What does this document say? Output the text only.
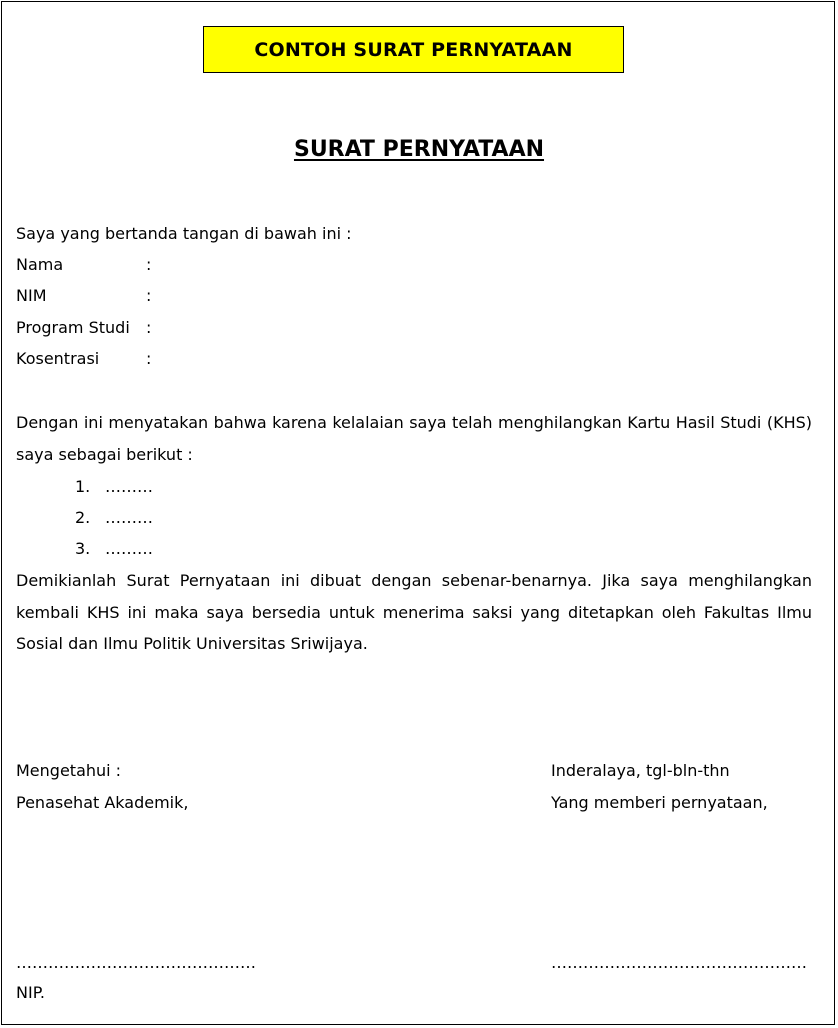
CONTOH SURAT PERNYATAAN
SURAT PERNYATAAN
Saya yang bertanda tangan di bawah ini :
Nama	:
NIM	:
Program Studi :
Kosentrasi	:
Dengan ini menyatakan bahwa karena kelalaian saya telah menghilangkan Kartu Hasil Studi (KHS)
saya sebagai berikut :
1. ………
2. ………
3. ………
Demikianlah Surat Pernyataan ini dibuat dengan sebenar-benarnya. Jika saya menghilangkan
kembali KHS ini maka saya bersedia untuk menerima saksi yang ditetapkan oleh Fakultas Ilmu
Sosial dan Ilmu Politik Universitas Sriwijaya.
Mengetahui :
Penasehat Akademik,
………………………………………
NIP.
Inderalaya, tgl-bln-thn
Yang memberi pernyataan,
…………………………………………
